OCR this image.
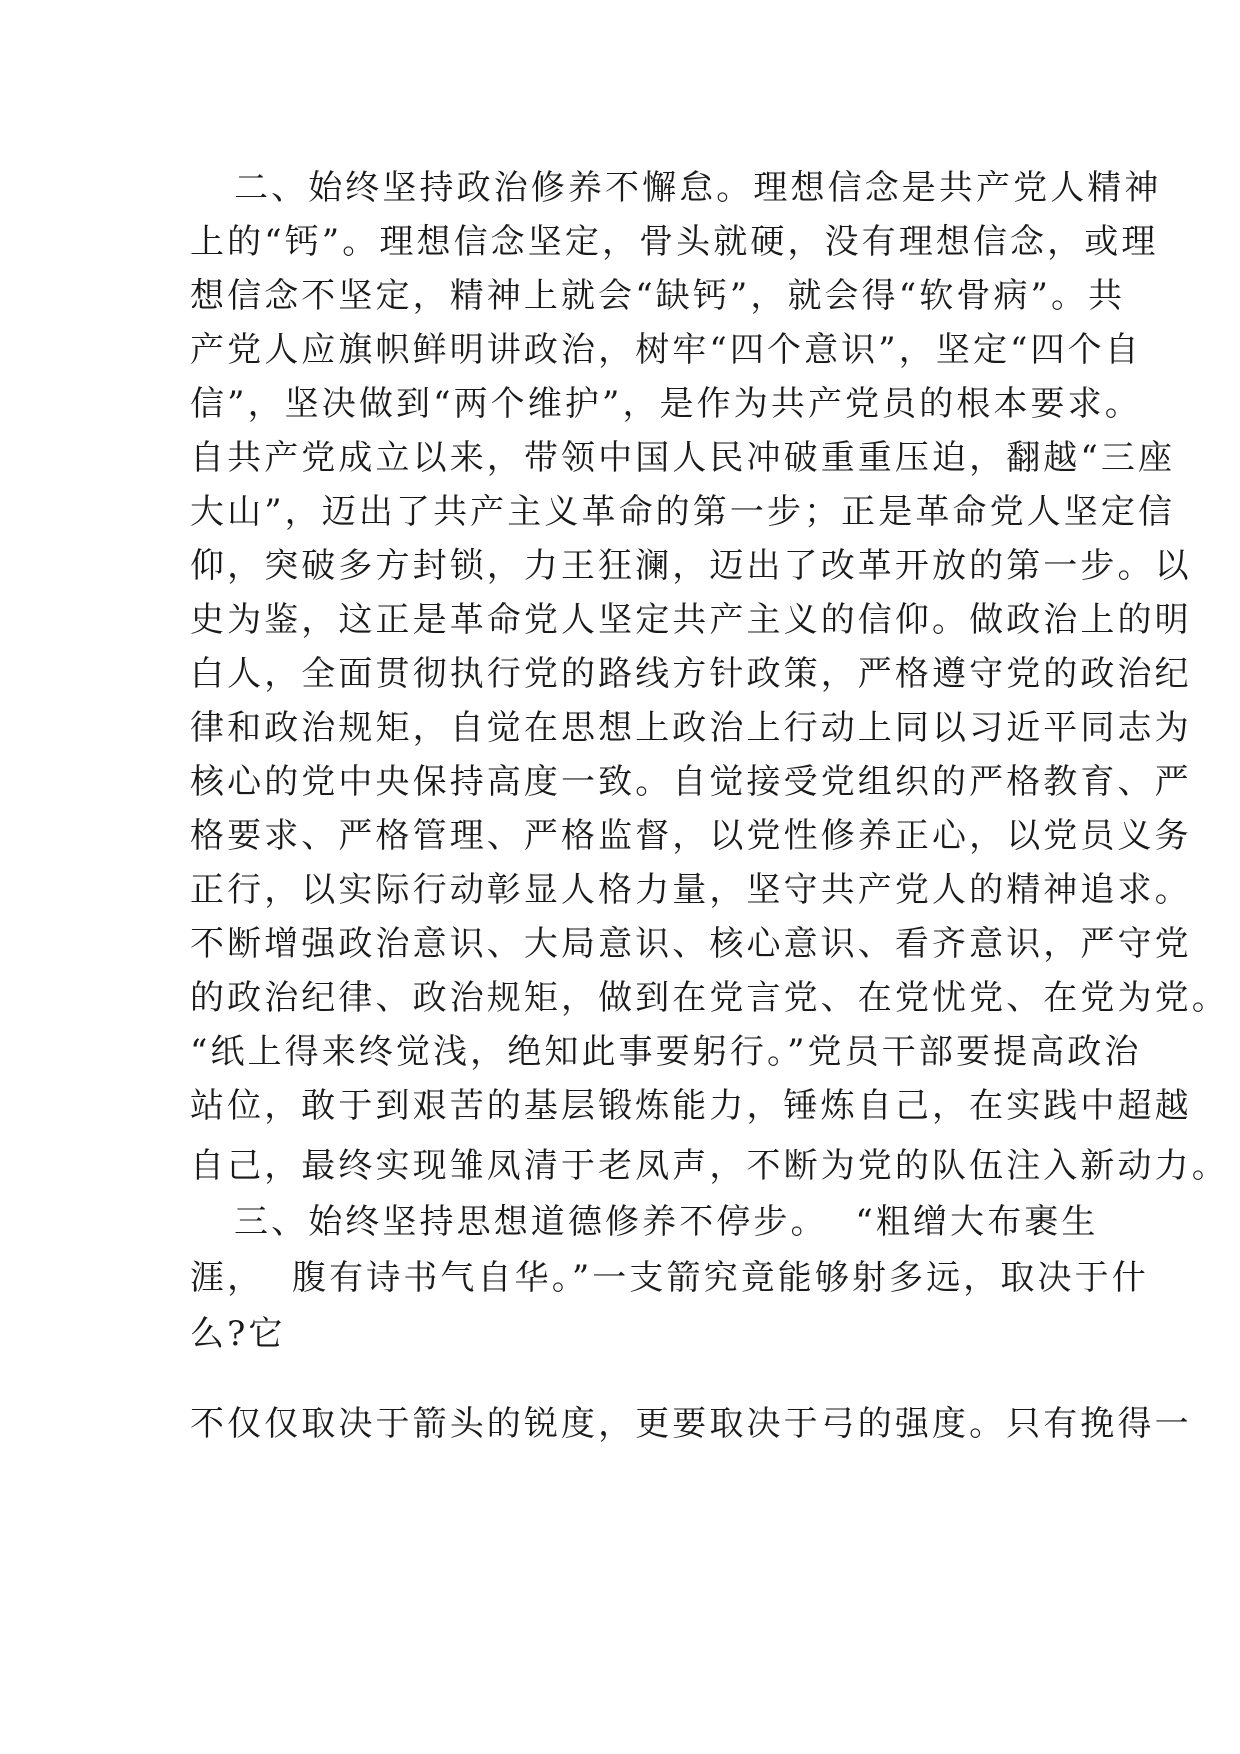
二、始终坚持政治修养不懈怠。理想信念是共产党人精神
上的“钙”。理想信念坚定，骨头就硬，没有理想信念，或理
想信念不坚定，精神上就会“缺钙”，就会得“软骨病”。共
产党人应旗帜鲜明讲政治，树牢“四个意识”，坚定“四个自
信”，坚决做到“两个维护”，是作为共产党员的根本要求。
自共产党成立以来，带领中国人民冲破重重压迫，翻越“三座
大山”，迈出了共产主义革命的第一步；正是革命党人坚定信
仰，突破多方封锁，力王狂澜，迈出了改革开放的第一步。以
史为鉴，这正是革命党人坚定共产主义的信仰。做政治上的明
白人，全面贯彻执行党的路线方针政策，严格遵守党的政治纪
律和政治规矩，自觉在思想上政治上行动上同以习近平同志为
核心的党中央保持高度一致。自觉接受党组织的严格教育、严
格要求、严格管理、严格监督，以党性修养正心，以党员义务
正行，以实际行动彰显人格力量，坚守共产党人的精神追求。
不断增强政治意识、大局意识、核心意识、看齐意识，严守党
的政治纪律、政治规矩，做到在党言党、在党忧党、在党为党。
“纸上得来终觉浅，绝知此事要躬行。”党员干部要提高政治
站位，敢于到艰苦的基层锻炼能力，锤炼自己，在实践中超越
自己，最终实现雏凤清于老凤声，不断为党的队伍注入新动力。
三、始终坚持思想道德修养不停步。  “粗缯大布裹生
涯，  腹有诗书气自华。”一支箭究竟能够射多远，取决于什
么?它
不仅仅取决于箭头的锐度，更要取决于弓的强度。只有挽得一
